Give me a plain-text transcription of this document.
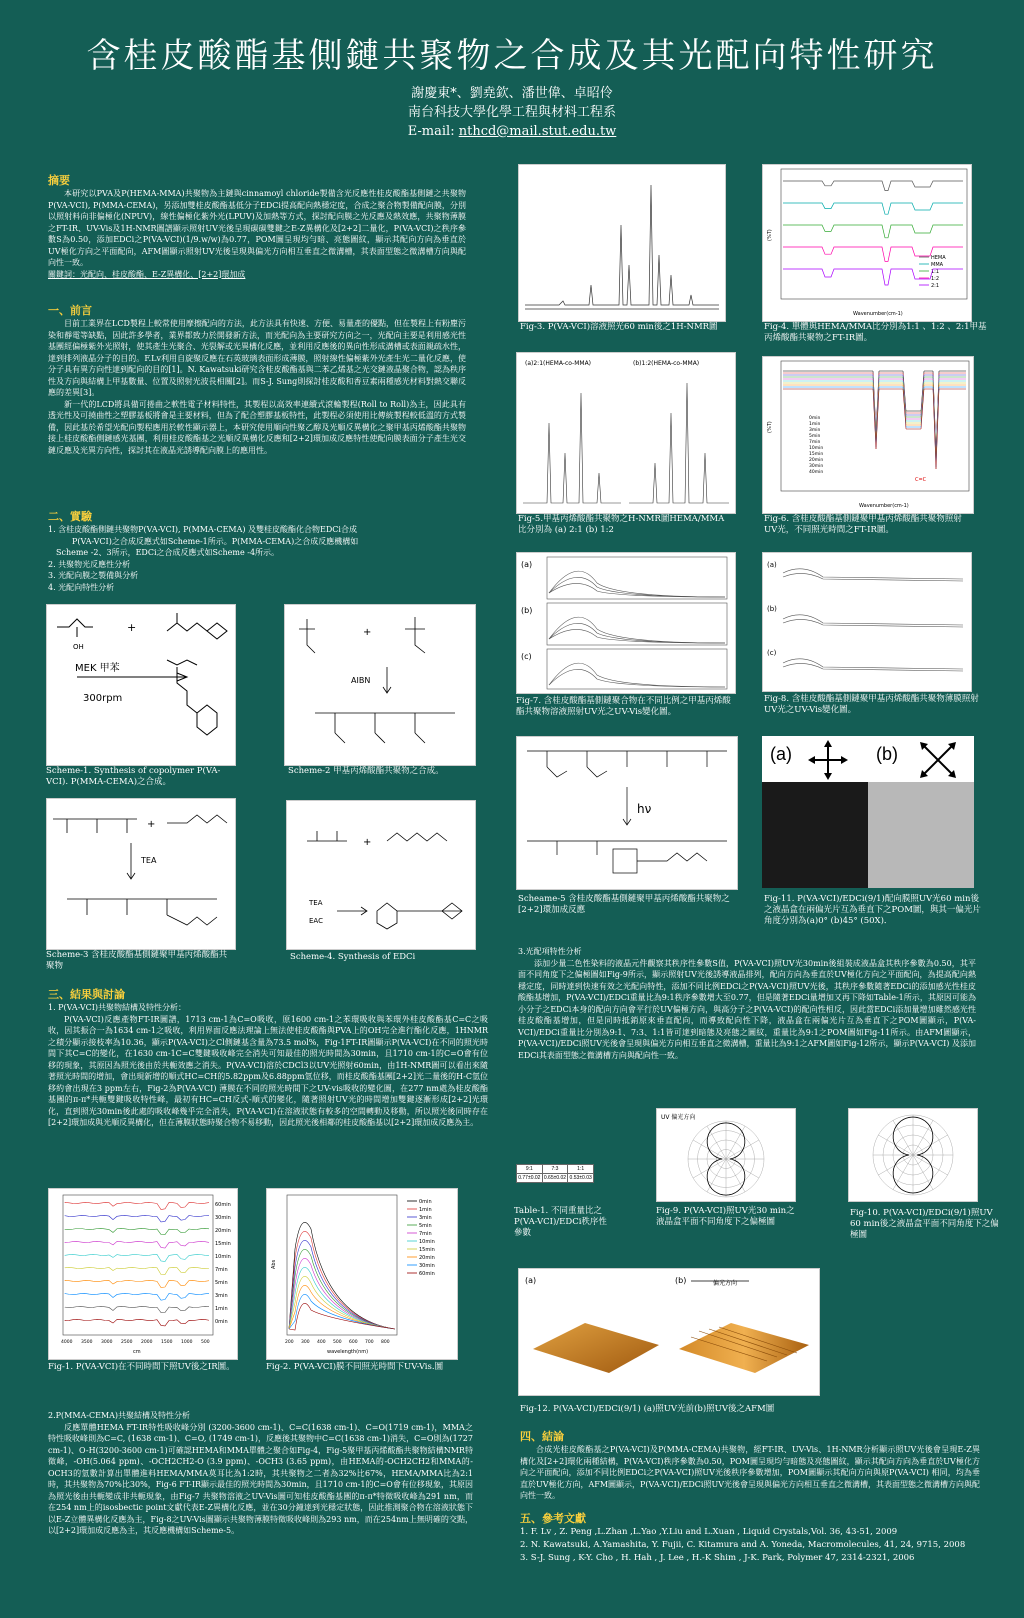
含桂皮酸酯基側鏈共聚物之合成及其光配向特性研究
謝慶東*、劉堯欽、潘世偉、卓昭伶
南台科技大學化學工程與材料工程系
E-mail: nthcd@mail.stut.edu.tw
摘要
本研究以PVA及P(HEMA-MMA)共聚物為主鏈與cinnamoyl chloride製備含光反應性桂皮酸酯基側鏈之共聚物P(VA-VCI), P(MMA-CEMA)，另添加雙桂皮酸酯基低分子EDCi提高配向熱穩定度，合成之聚合物製備配向膜，分別以照射料向非偏極化(NPUV)，線性偏極化紫外光(LPUV)及加熱等方式，探討配向膜之光反應及熱效應，共聚物薄膜之FT-IR、UV-Vis及1H-NMR圖譜顯示照射UV光後呈現碳碳雙鍵之E-Z異構化及[2+2]二量化，P(VA-VCI)之秩序參數S為0.50，添加EDCi之P(VA-VCI)(1/9.w/w)為0.77，POM圖呈現均勻暗、亮態圖紋，顯示其配向方向為垂直於UV極化方向之平面配向，AFM圖顯示照射UV光後呈現與偏光方向相互垂直之微溝槽，其表面型態之微溝槽方向與配向性一致。
關鍵詞：光配向、桂皮酸酯、E-Z異構化、[2+2]環加成
一、前言
目前工業界在LCD製程上較常使用摩擦配向的方法，此方法具有快速、方便、易量產的優點，但在製程上有粉塵污染和靜電等缺點，因此許多學者，業界都致力於開發新方法，而光配向為主要研究方向之一，光配向主要是利用感光性基團經偏極紫外光照射，使其產生光聚合、光裂解或光異構化反應，並利用反應後的異向性形成溝槽或表面親疏水性，達到排列液晶分子的目的。F.Lv利用自旋聚反應在石英玻璃表面形成薄膜，照射線性偏極紫外光產生光二量化反應，使分子具有異方向性達到配向的目的[1]。N. Kawatsuki研究含桂皮酸酯基與二苯乙烯基之光交鏈液晶聚合物，認為秩序性及方向與結構上甲基數量、位置及照射光波長相關[2]。而S-J. Sung則探討桂皮酸和香豆素兩種感光材料對熱交聯反應的差異[3]。
新一代的LCD將具備可捲曲之軟性電子材料特性，其製程以高效率連續式滾輪製程(Roll to Roll)為主，因此具有透光性及可撓曲性之塑膠基板將會是主要材料，但為了配合塑膠基板特性，此製程必須使用比傳統製程較低溫的方式製備，因此基於希望光配向製程應用於軟性顯示器上，本研究使用順向性聚乙醇及光順反異構化之聚甲基丙烯酸酯共聚物接上桂皮酸酯側鏈感光基團，利用桂皮酸酯基之光順反異構化反應和[2+2]環加成反應特性使配向膜表面分子產生光交鏈反應及光異方向性，探討其在液晶光誘導配向膜上的應用性。
二、實驗
1. 含桂皮酸酯側鏈共聚物P(VA-VCI), P(MMA-CEMA) 及雙桂皮酸酯化合物EDCi合成
P(VA-VCI)之合成反應式如Scheme-1所示。P(MMA-CEMA)之合成反應機構如
Scheme -2、3所示，EDCi之合成反應式如Scheme -4所示。
2. 共聚物光反應性分析
3. 光配向膜之製備與分析
4. 光配向特性分析
OH
+
MEK 甲苯
300rpm
Scheme-1. Synthesis of copolymer P(VA-VCI). P(MMA-CEMA)之合成。
+
AIBN
Scheme-2 甲基丙烯酸酯共聚物之合成。
+
TEA
Scheme-3 含桂皮酸酯基側鏈聚甲基丙烯酸酯共聚物
+
TEA
EAC
Scheme-4. Synthesis of EDCi
三、結果與討論
1. P(VA-VCI)共聚物結構及特性分析：
P(VA-VCI)反應產物FT-IR圖譜，1713 cm-1為C=O吸收，原1600 cm-1之苯環吸收與苯環外桂皮酸酯基C=C之吸收，因其振合一為1634 cm-1之吸收，利用界面反應法理論上無法使桂皮酸酯與PVA上的OH完全進行酯化反應，1HNMR之積分顯示接枝率為10.36，顯示P(VA-VCI)之Cl側鏈基含量為73.5 mol%，Fig-1FT-IR圖顯示P(VA-VCI)在不同的照光時間下其C=C的變化，在1630 cm-1C=C雙鍵吸收峰完全消失可知最佳的照光時間為30min，且1710 cm-1的C=O會有位移的現象，其原因為照光後由於共軛效應之消失。P(VA-VCI)溶於CDCl3以UV光照射60min，由1H-NMR圖可以看出來隨著照光時間的增加，會出現新增的順式HC=CH的5.82ppm及6.88ppm氫位移，而桂皮酸酯基團[2+2]光二量後的H-C氫位移約會出現在3 ppm左右，Fig-2為P(VA-VCI) 薄膜在不同的照光時間下之UV-vis吸收的變化圖，在277 nm處為桂皮酸酯基團的π-π*共軛雙鍵吸收特性峰，最初有HC=CH反式-順式的變化，隨著照射UV光的時間增加雙鍵逐漸形成[2+2]光環化，直到照光30min後此處的吸收峰幾乎完全消失，P(VA-VCI)在溶液狀態有較多的空間轉動及移動，所以照光後同時存在[2+2]環加成與光順反異構化，但在薄膜狀態時聚合物不易移動，因此照光後相鄰的桂皮酸酯基以[2+2]環加成反應為主。
60min
30min
20min
15min
10min
7min
5min
3min
1min
0min
4000 3500 3000 2500 2000 1500 1000 500
cm
Fig-1. P(VA-VCI)在不同時間下照UV後之IR圖。
0min
1min
3min
5min
7min
10min
15min
20min
30min
60min
200 300 400 500 600 700 800
wavelength(nm)
Abs
Fig-2. P(VA-VCI)膜不同照光時間下UV-Vis.圖
2.P(MMA-CEMA)共聚結構及特性分析
反應單體HEMA FT-IR特性吸收峰分別 (3200-3600 cm-1)、C=C(1638 cm-1)、C=O(1719 cm-1)，MMA之特性吸收峰則為C=C, (1638 cm-1)、C=O, (1749 cm-1)，反應後其聚物中C=C(1638 cm-1)消失，C=O則為(1727 cm-1)、O-H(3200-3600 cm-1)可確認HEMA和MMA單體之聚合如Fig-4，Fig-5聚甲基丙烯酸酯共聚物結構NMR特徵峰，-OH(5.064 ppm)、-OCH2CH2-O (3.9 ppm)、-OCH3 (3.65 ppm)，由HEMA的-OCH2CH2和MMA的-OCH3的氫數計算出單體進料HEMA/MMA莫耳比為1:2時，其共聚物之二者為32%比67%，HEMA/MMA比為2:1時，其共聚物為70%比30%，Fig-6 FT-IR顯示最佳的照光時間為30min，且1710 cm-1的C=O會有位移現象，其原因為照光後由共軛變成非共軛現象，由Fig-7 共聚物溶液之UV-Vis圖可知桂皮酸酯基團的π-π*特徵吸收峰為291 nm，而在254 nm上的isosbectic point文獻代表E-Z異構化反應，並在30分鐘達到光穩定狀態，因此推測聚合物在溶液狀態下以E-Z立體異構化反應為主，Fig-8之UV-Vis圖顯示共聚物薄膜特徵吸收峰則為293 nm，而在254nm上無明確的交點，以[2+2]環加成反應為主，其反應機構如Scheme-5。
Fig-3. P(VA-VCI)溶液照光60 min後之1H-NMR圖
HEMA
MMA
1:1
1:2
2:1
Wavenumber(cm-1)
(%T)
Fig-4. 單體與HEMA/MMA比分別為1:1 、1:2 、2:1甲基丙烯酸酯共聚物之FT-IR圖。
(a)2:1(HEMA-co-MMA)	(b)1:2(HEMA-co-MMA)
Fig-5.甲基丙烯酸酯共聚物之H-NMR圖HEMA/MMA比分別為 (a) 2:1 (b) 1:2
0min
1min
3min
5min
7min
10min
15min
20min
30min
40min
C=C
Wavenumber(cm-1)
(%T)
Fig-6. 含桂皮酸酯基側鏈聚甲基丙烯酸酯共聚物照射UV光，不同照光時間之FT-IR圖。
(a)
(b)
(c)
Fig-7. 含桂皮酸酯基側鏈聚合物在不同比例之甲基丙烯酸酯共聚物溶液照射UV光之UV-Vis變化圖。
(a)
(b)
(c)
Fig-8. 含桂皮酸酯基側鏈聚甲基丙烯酸酯共聚物薄膜照射UV光之UV-Vis變化圖。
hν
Scheame-5 含桂皮酸酯基側鏈聚甲基丙烯酸酯共聚物之[2+2]環加成反應
(a)	(b)
Fig-11. P(VA-VCI)/EDCi(9/1)配向膜照UV光60 min後之液晶盒在兩偏光片互為垂直下之POM圖，與其一偏光片角度分別為(a)0° (b)45° (50X)．
3.光配項特性分析
添加少量二色性染料的液晶元件觀察其秩序性參數S值，P(VA-VCI)照UV光30min後組裝成液晶盒其秩序參數為0.50，其平面不同角度下之偏極圖如Fig-9所示，顯示照射UV光後誘導液晶排列，配向方向為垂直於UV極化方向之平面配向，為提高配向熱穩定度，同時達到快速有效之光配向特性，添加不同比例EDCi之P(VA-VCI)照UV光後，其秩序參數隨著EDCi的添加感光性桂皮酸酯基增加，P(VA-VCI)/EDCi重量比為9:1秩序參數增大至0.77，但是隨著EDCi量增加又再下降如Table-1所示，其原因可能為小分子之EDCi本身的配向方向會平行於UV偏極方向，與高分子之P(VA-VCI)的配向性相反，因此當EDCi添加量增加雖然感光性桂皮酸酯基增加，但是同時抵銷原來垂直配向，而導致配向性下降，液晶盒在兩偏光片互為垂直下之POM圖顯示，P(VA-VCI)/EDCi重量比分別為9:1、7:3、1:1皆可達到暗態及亮態之圖紋，重量比為9:1之POM圖如Fig-11所示。由AFM圖顯示， P(VA-VCI)/EDCi照UV光後會呈現與偏光方向相互垂直之微溝槽，重量比為9:1之AFM圖如Fig-12所示，顯示P(VA-VCI) 及添加EDCi其表面型態之微溝槽方向與配向性一致。
9:1	7:3	1:1
0.77±0.02	0.65±0.02	0.53±0.03
Table-1. 不同重量比之P(VA-VCI)/EDCi秩序性參數
UV 偏光方向
Fig-9. P(VA-VCI)照UV光30 min之液晶盒平面不同角度下之偏極圖
Fig-10. P(VA-VCI)/EDCi(9/1)照UV 60 min後之液晶盒平面不同角度下之偏極圖
(a)	(b)	偏光方向
Fig-12. P(VA-VCI)/EDCi(9/1) (a)照UV光前(b)照UV後之AFM圖
四、結論
合成光桂皮酸酯基之P(VA-VCI)及P(MMA-CEMA)共聚物，經FT-IR、UV-Vis、1H-NMR分析顯示照UV光後會呈現E-Z異構化及[2+2]環化兩種結構，P(VA-VCI)秩序參數為0.50，POM圖呈現均勻暗態及亮態圖紋，顯示其配向方向為垂直於UV極化方向之平面配向，添加不同比例EDCi之P(VA-VCI)照UV光後秩序參數增加，POM圖顯示其配向方向與原P(VA-VCI) 相同，均為垂直於UV極化方向，AFM圖顯示，P(VA-VCI)/EDCi照UV光後會呈現與偏光方向相互垂直之微溝槽，其表面型態之微溝槽方向與配向性一致。
五、參考文獻
1. F. Lv , Z. Peng ,L.Zhan ,L.Yao ,Y.Liu and L.Xuan , Liquid Crystals,Vol. 36, 43-51, 2009
2. N. Kawatsuki, A.Yamashita, Y. Fujii, C. Kitamura and A. Yoneda, Macromolecules, 41, 24, 9715, 2008
3. S-J. Sung , K-Y. Cho , H. Hah , J. Lee , H.-K Shim , J-K. Park, Polymer 47, 2314-2321, 2006
